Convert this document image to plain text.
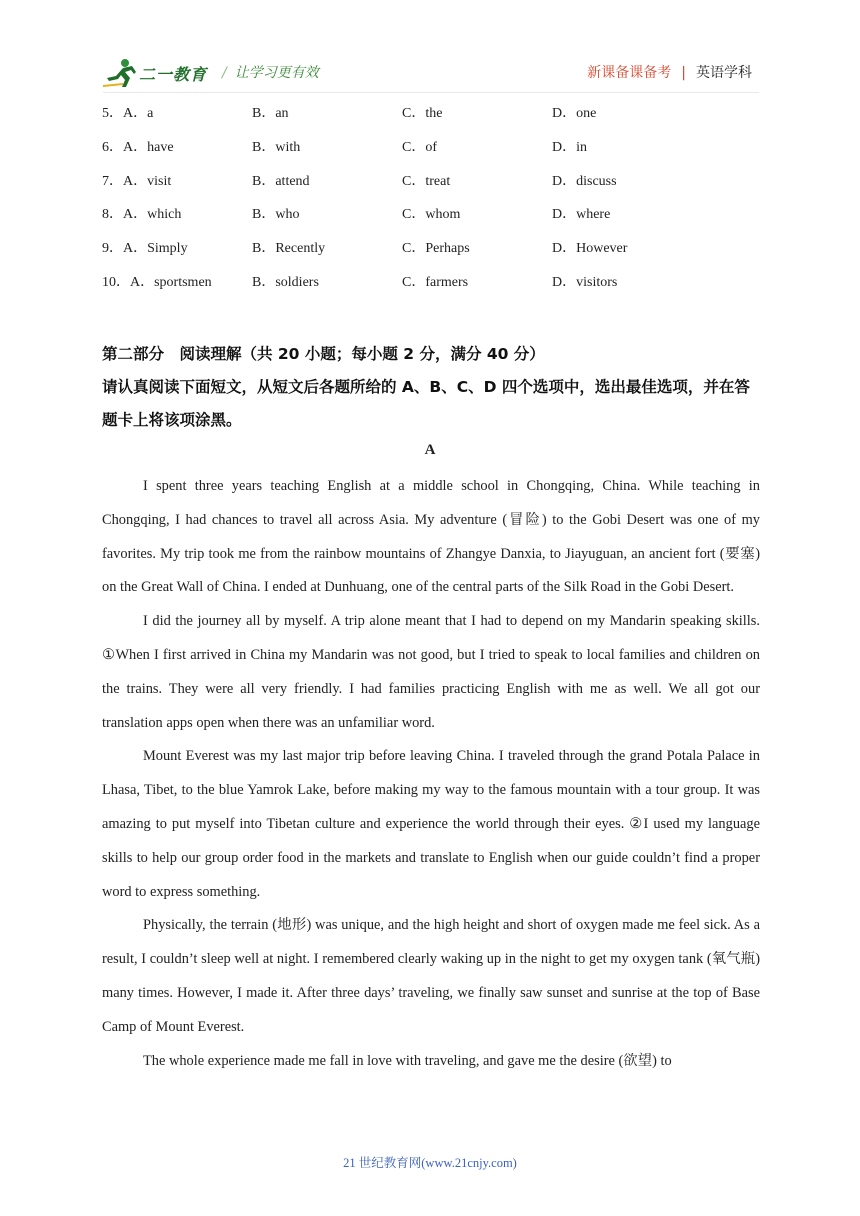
二一教育 / 让学习更有效	新课备课备考 | 英语学科
5．A．a	B．an	C．the	D．one
6．A．have	B．with	C．of	D．in
7．A．visit	B．attend	C．treat	D．discuss
8．A．which	B．who	C．whom	D．where
9．A．Simply	B．Recently	C．Perhaps	D．However
10．A．sportsmen	B．soldiers	C．farmers	D．visitors

第二部分　阅读理解（共 20 小题；每小题 2 分，满分 40 分）

请认真阅读下面短文，从短文后各题所给的 A、B、C、D 四个选项中，选出最佳选项，并在答题卡上将该项涂黑。

A

I spent three years teaching English at a middle school in Chongqing, China. While teaching in Chongqing, I had chances to travel all across Asia. My adventure (冒险) to the Gobi Desert was one of my favorites. My trip took me from the rainbow mountains of Zhangye Danxia, to Jiayuguan, an ancient fort (要塞) on the Great Wall of China. I ended at Dunhuang, one of the central parts of the Silk Road in the Gobi Desert.

I did the journey all by myself. A trip alone meant that I had to depend on my Mandarin speaking skills. ①When I first arrived in China my Mandarin was not good, but I tried to speak to local families and children on the trains. They were all very friendly. I had families practicing English with me as well. We all got our translation apps open when there was an unfamiliar word.

Mount Everest was my last major trip before leaving China. I traveled through the grand Potala Palace in Lhasa, Tibet, to the blue Yamrok Lake, before making my way to the famous mountain with a tour group. It was amazing to put myself into Tibetan culture and experience the world through their eyes. ②I used my language skills to help our group order food in the markets and translate to English when our guide couldn’t find a proper word to express something.

Physically, the terrain (地形) was unique, and the high height and short of oxygen made me feel sick. As a result, I couldn’t sleep well at night. I remembered clearly waking up in the night to get my oxygen tank (氧气瓶) many times. However, I made it. After three days’ traveling, we finally saw sunset and sunrise at the top of Base Camp of Mount Everest.

The whole experience made me fall in love with traveling, and gave me the desire (欲望) to

21 世纪教育网(www.21cnjy.com)
